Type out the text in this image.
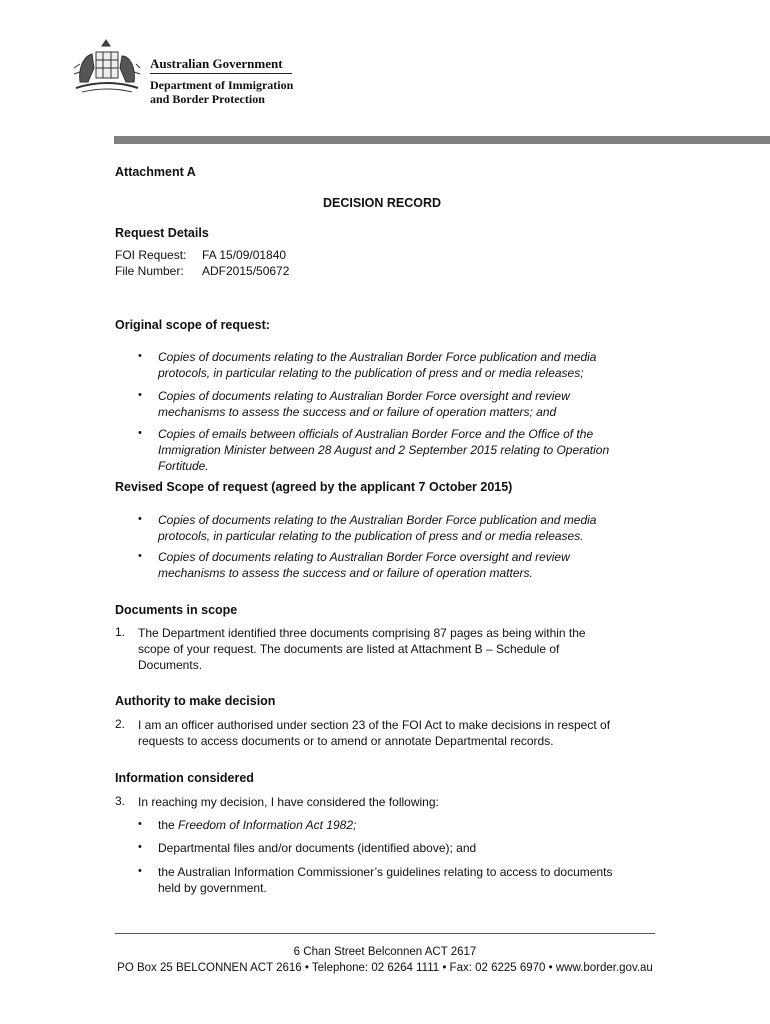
Australian Government
Department of Immigration
and Border Protection
Attachment A
DECISION RECORD
Request Details
FOI Request: FA 15/09/01840
File Number: ADF2015/50672
Original scope of request:
• Copies of documents relating to the Australian Border Force publication and media
protocols, in particular relating to the publication of press and or media releases;
• Copies of documents relating to Australian Border Force oversight and review
mechanisms to assess the success and or failure of operation matters; and
• Copies of emails between officials of Australian Border Force and the Office of the
Immigration Minister between 28 August and 2 September 2015 relating to Operation
Fortitude.
Revised Scope of request (agreed by the applicant 7 October 2015)
• Copies of documents relating to the Australian Border Force publication and media
protocols, in particular relating to the publication of press and or media releases.
• Copies of documents relating to Australian Border Force oversight and review
mechanisms to assess the success and or failure of operation matters.
Documents in scope
1. The Department identified three documents comprising 87 pages as being within the
scope of your request. The documents are listed at Attachment B – Schedule of
Documents.
Authority to make decision
2. I am an officer authorised under section 23 of the FOI Act to make decisions in respect of
requests to access documents or to amend or annotate Departmental records.
Information considered
3. In reaching my decision, I have considered the following:
• the Freedom of Information Act 1982;
• Departmental files and/or documents (identified above); and
• the Australian Information Commissioner’s guidelines relating to access to documents
held by government.
6 Chan Street Belconnen ACT 2617
PO Box 25 BELCONNEN ACT 2616 • Telephone: 02 6264 1111 • Fax: 02 6225 6970 • www.border.gov.au
